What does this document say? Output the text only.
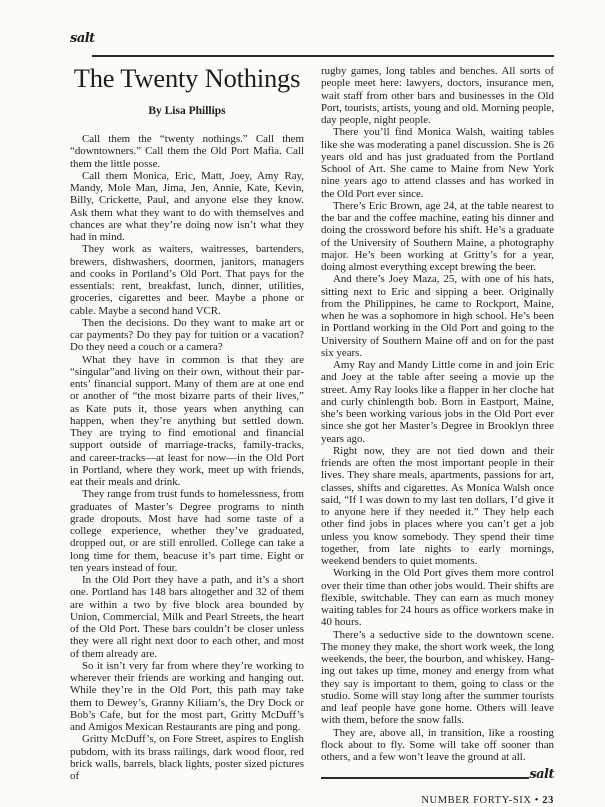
salt
The Twenty Nothings
By Lisa Phillips

Call them the “twenty nothings.” Call them “downtowners.” Call them the Old Port Mafia. Call them the little posse.

Call them Monica, Eric, Matt, Joey, Amy Ray, Mandy, Mole Man, Jima, Jen, Annie, Kate, Kevin, Billy, Crickette, Paul, and anyone else they know. Ask them what they want to do with themselves and chances are what they’re doing now isn’t what they had in mind.

They work as waiters, waitresses, bartenders, brewers, dishwashers, doormen, janitors, managers and cooks in Portland’s Old Port. That pays for the essentials: rent, breakfast, lunch, dinner, utilities, groceries, cigarettes and beer. Maybe a phone or cable. Maybe a second hand VCR.

Then the decisions. Do they want to make art or car payments? Do they pay for tuition or a vacation? Do they need a couch or a camera?

What they have in common is that they are “singular”and living on their own, without their parents’ financial support. Many of them are at one end or another of “the most bizarre parts of their lives,” as Kate puts it, those years when anything can happen, when they’re anything but settled down. They are trying to find emotional and financial support outside of marriage-tracks, family-tracks, and career-tracks—at least for now—in the Old Port in Portland, where they work, meet up with friends, eat their meals and drink.

They range from trust funds to homelessness, from graduates of Master’s Degree programs to ninth grade dropouts. Most have had some taste of a college experience, whether they’ve graduated, dropped out, or are still enrolled. College can take a long time for them, beacuse it’s part time. Eight or ten years instead of four.

In the Old Port they have a path, and it’s a short one. Portland has 148 bars altogether and 32 of them are within a two by five block area bounded by Union, Commercial, Milk and Pearl Streets, the heart of the Old Port. These bars couldn’t be closer unless they were all right next door to each other, and most of them already are.

So it isn’t very far from where they’re working to wherever their friends are working and hanging out. While they’re in the Old Port, this path may take them to Dewey’s, Granny Kiliam’s, the Dry Dock or Bob’s Cafe, but for the most part, Gritty McDuff’s and Amigos Mexican Restaurants are ping and pong.

Gritty McDuff’s, on Fore Street, aspires to English pubdom, with its brass railings, dark wood floor, red brick walls, barrels, black lights, poster sized pictures of

rugby games, long tables and benches. All sorts of people meet here: lawyers, doctors, insurance men, wait staff from other bars and businesses in the Old Port, tourists, artists, young and old. Morning people, day people, night people.

There you’ll find Monica Walsh, waiting tables like she was moderating a panel discussion. She is 26 years old and has just graduated from the Portland School of Art. She came to Maine from New York nine years ago to attend classes and has worked in the Old Port ever since.

There’s Eric Brown, age 24, at the table nearest to the bar and the coffee machine, eating his dinner and doing the crossword before his shift. He’s a graduate of the University of Southern Maine, a photography major. He’s been working at Gritty’s for a year, doing almost everything except brewing the beer.

And there’s Joey Maza, 25, with one of his hats, sitting next to Eric and sipping a beer. Originally from the Philippines, he came to Rockport, Maine, when he was a sophomore in high school. He’s been in Portland working in the Old Port and going to the University of Southern Maine off and on for the past six years.

Amy Ray and Mandy Little come in and join Eric and Joey at the table after seeing a movie up the street. Amy Ray looks like a flapper in her cloche hat and curly chinlength bob. Born in Eastport, Maine, she’s been working various jobs in the Old Port ever since she got her Master’s Degree in Brooklyn three years ago.

Right now, they are not tied down and their friends are often the most important people in their lives. They share meals, apartments, passions for art, classes, shifts and cigarettes. As Monica Walsh once said, “If I was down to my last ten dollars, I’d give it to anyone here if they needed it.” They help each other find jobs in places where you can’t get a job unless you know somebody. They spend their time together, from late nights to early mornings, weekend benders to quiet moments.

Working in the Old Port gives them more control over their time than other jobs would. Their shifts are flexible, switchable. They can earn as much money waiting tables for 24 hours as office workers make in 40 hours.

There’s a seductive side to the downtown scene. The money they make, the short work week, the long weekends, the beer, the bourbon, and whiskey. Hanging out takes up time, money and energy from what they say is important to them, going to class or the studio. Some will stay long after the summer tourists and leaf people have gone home. Others will leave with them, before the snow falls.

They are, above all, in transition, like a roosting flock about to fly. Some will take off sooner than others, and a few won’t leave the ground at all.

salt
NUMBER FORTY-SIX • 23
